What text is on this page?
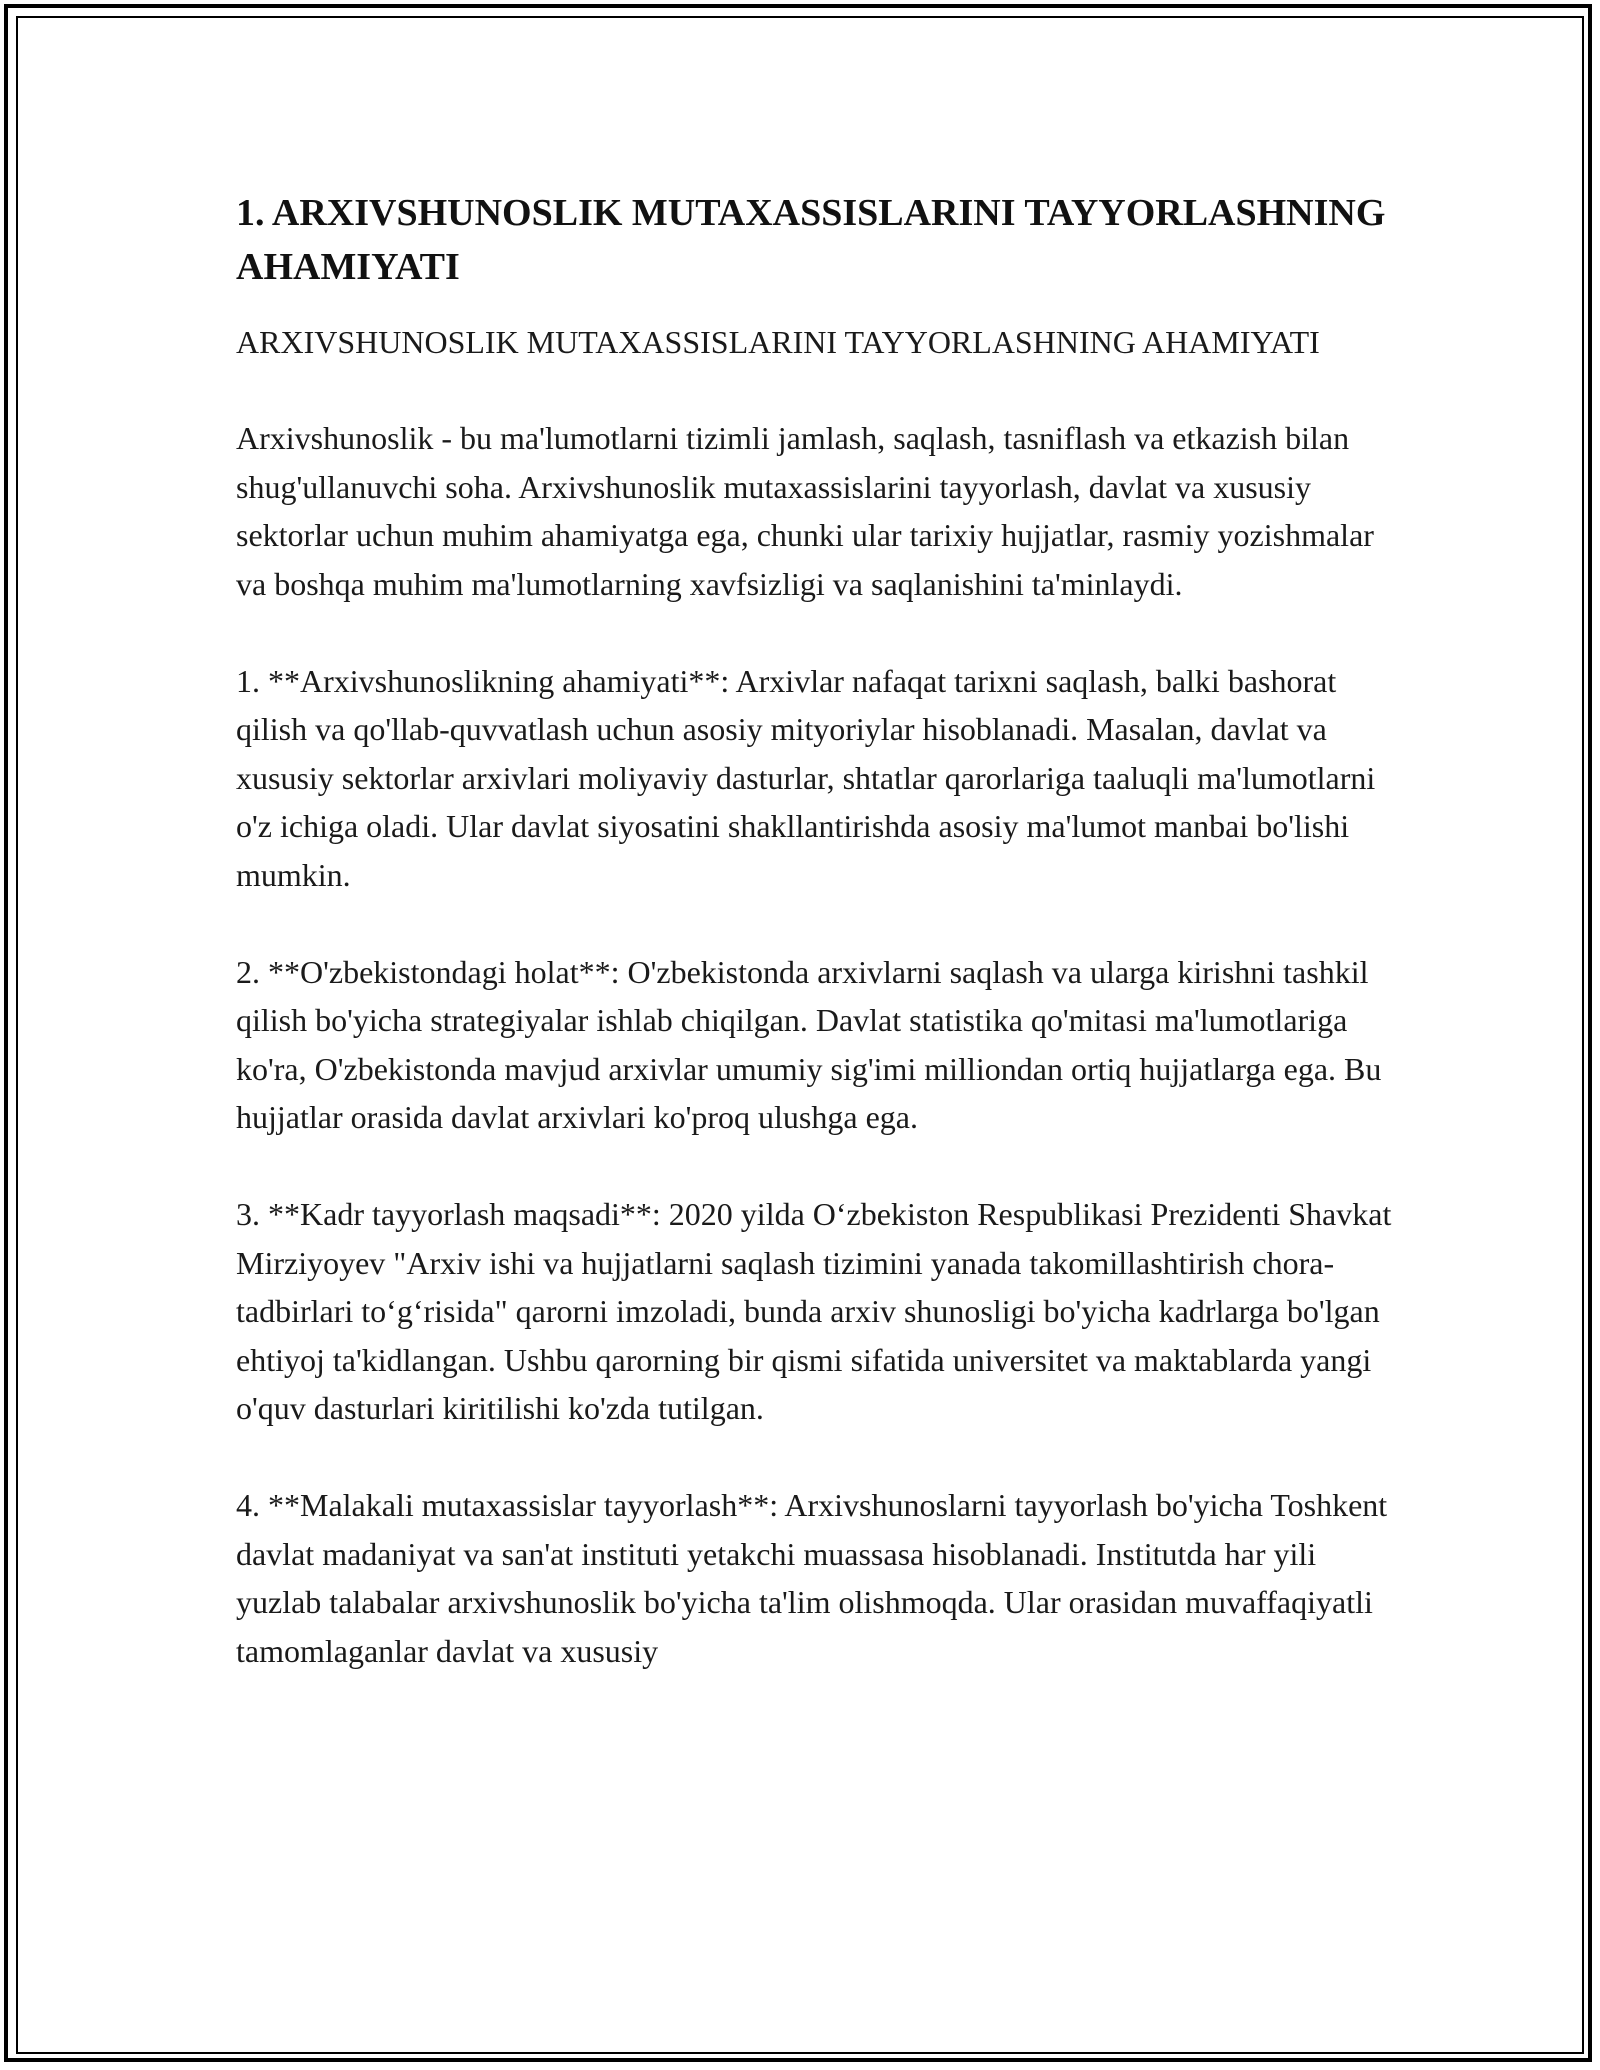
1. ARXIVSHUNOSLIK MUTAXASSISLARINI TAYYORLASHNING AHAMIYATI

ARXIVSHUNOSLIK MUTAXASSISLARINI TAYYORLASHNING AHAMIYATI

Arxivshunoslik - bu ma'lumotlarni tizimli jamlash, saqlash, tasniflash va etkazish bilan shug'ullanuvchi soha. Arxivshunoslik mutaxassislarini tayyorlash, davlat va xususiy sektorlar uchun muhim ahamiyatga ega, chunki ular tarixiy hujjatlar, rasmiy yozishmalar va boshqa muhim ma'lumotlarning xavfsizligi va saqlanishini ta'minlaydi.

1. **Arxivshunoslikning ahamiyati**: Arxivlar nafaqat tarixni saqlash, balki bashorat qilish va qo'llab-quvvatlash uchun asosiy mityoriylar hisoblanadi. Masalan, davlat va xususiy sektorlar arxivlari moliyaviy dasturlar, shtatlar qarorlariga taaluqli ma'lumotlarni o'z ichiga oladi. Ular davlat siyosatini shakllantirishda asosiy ma'lumot manbai bo'lishi mumkin.

2. **O'zbekistondagi holat**: O'zbekistonda arxivlarni saqlash va ularga kirishni tashkil qilish bo'yicha strategiyalar ishlab chiqilgan. Davlat statistika qo'mitasi ma'lumotlariga ko'ra, O'zbekistonda mavjud arxivlar umumiy sig'imi milliondan ortiq hujjatlarga ega. Bu hujjatlar orasida davlat arxivlari ko'proq ulushga ega.

3. **Kadr tayyorlash maqsadi**: 2020 yilda O‘zbekiston Respublikasi Prezidenti Shavkat Mirziyoyev "Arxiv ishi va hujjatlarni saqlash tizimini yanada takomillashtirish chora-tadbirlari to‘g‘risida" qarorni imzoladi, bunda arxiv shunosligi bo'yicha kadrlarga bo'lgan ehtiyoj ta'kidlangan. Ushbu qarorning bir qismi sifatida universitet va maktablarda yangi o'quv dasturlari kiritilishi ko'zda tutilgan.

4. **Malakali mutaxassislar tayyorlash**: Arxivshunoslarni tayyorlash bo'yicha Toshkent davlat madaniyat va san'at instituti yetakchi muassasa hisoblanadi. Institutda har yili yuzlab talabalar arxivshunoslik bo'yicha ta'lim olishmoqda. Ular orasidan muvaffaqiyatli tamomlaganlar davlat va xususiy
